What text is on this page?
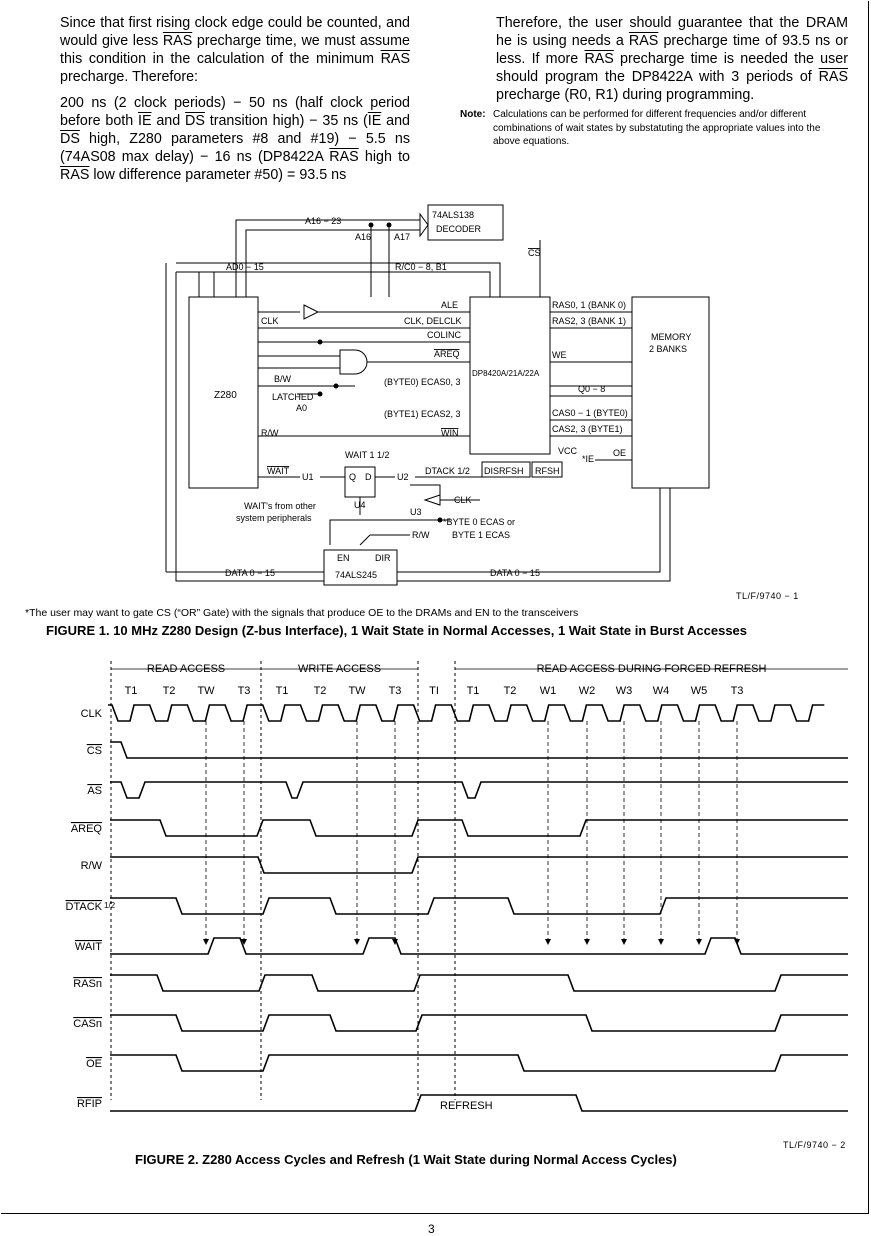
Since that first rising clock edge could be counted, and would give less $\overline{RAS}$ precharge time, we must assume this condition in the calculation of the minimum $\overline{RAS}$ precharge. Therefore:

200 ns (2 clock periods) − 50 ns (half clock period before both $\overline{IE}$ and $\overline{DS}$ transition high) − 35 ns ($\overline{IE}$ and $\overline{DS}$ high, Z280 parameters #8 and #19) − 5.5 ns (74AS08 max delay) − 16 ns (DP8422A $\overline{RAS}$ high to $\overline{RAS}$ low difference parameter #50) = 93.5 ns

Therefore, the user should guarantee that the DRAM he is using needs a $\overline{RAS}$ precharge time of 93.5 ns or less. If more $\overline{RAS}$ precharge time is needed the user should program the DP8422A with 3 periods of $\overline{RAS}$ precharge (R0, R1) during programming.

Note: Calculations can be performed for different frequencies and/or different combinations of wait states by substatuting the appropriate values into the above equations.
Z280
DP8420A/21A/22A
MEMORY
2 BANKS
74ALS138
DECODER
74ALS245
A16 − 23
A16	A17
AD0 − 15	R/C0 − 8, B1
CS
ALE
CLK	CLK, DELCLK
COLINC
AREQ
(BYTE0) ECAS0, 3
(BYTE1) ECAS2, 3
WIN
B/W
LATCHED
A0
R/W
WAIT
WAIT 1 1/2
DTACK 1/2 DISRFSH RFSH
RAS0, 1 (BANK 0)
RAS2, 3 (BANK 1)
WE
Q0 − 8
CAS0 − 1 (BYTE0)
CAS2, 3 (BYTE1)
VCC
*IE
OE
U1	U2
U3
U4
Q D
CLK
WAIT's from other
system peripherals	*BYTE 0 ECAS or
BYTE 1 ECAS
R/W
EN	DIR
DATA 0 − 15	DATA 0 − 15
TL/F/9740 − 1
*The user may want to gate CS (“OR” Gate) with the signals that produce OE to the DRAMs and EN to the transceivers
FIGURE 1. 10 MHz Z280 Design (Z-bus Interface), 1 Wait State in Normal Accesses, 1 Wait State in Burst Accesses
READ ACCESS	WRITE ACCESS	READ ACCESS DURING FORCED REFRESH
T1 T2 TW T3 T1 T2 TW T3	TI	T1 T2 W1 W2 W3 W4 W5 T3
CLK
CS
AS
AREQ
R/W
DTACK
WAIT
RASn
CASn
OE
RFIP
1/2
REFRESH
TL/F/9740 − 2
FIGURE 2. Z280 Access Cycles and Refresh (1 Wait State during Normal Access Cycles)
3
